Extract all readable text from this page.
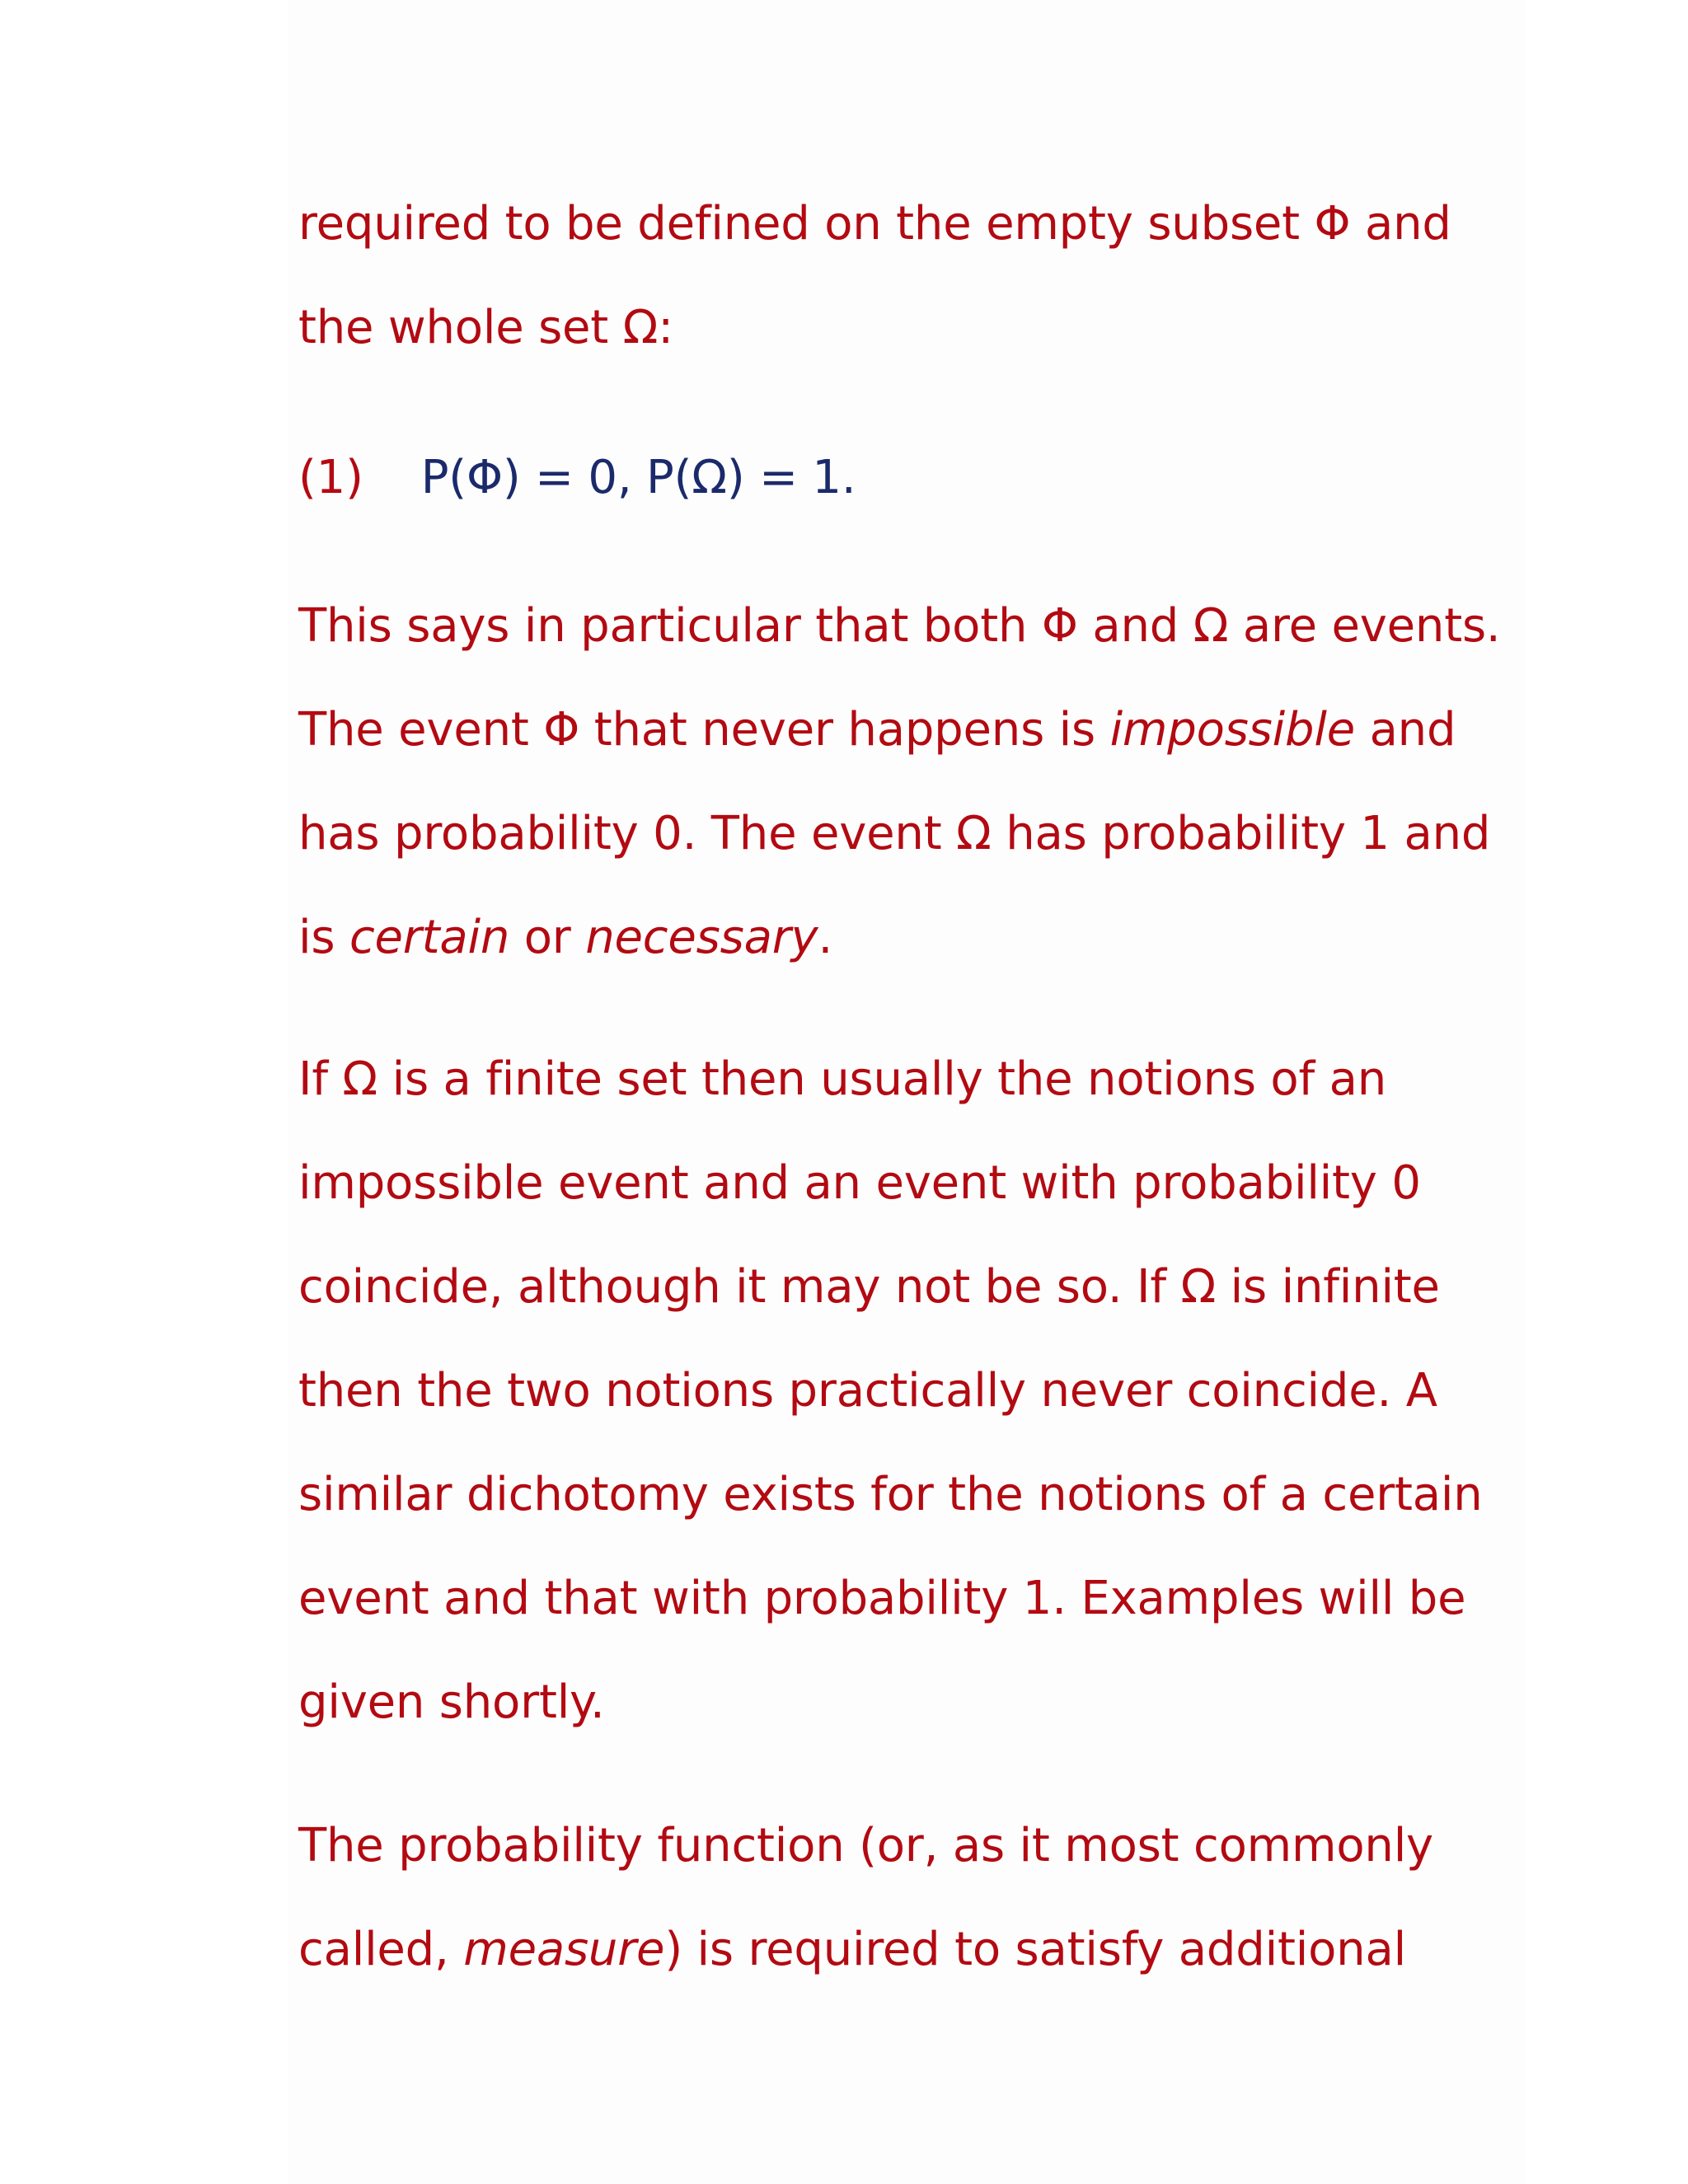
required to be defined on the empty subset Φ and
the whole set Ω:
(1) P(Φ) = 0, P(Ω) = 1.
This says in particular that both Φ and Ω are events.
The event Φ that never happens is impossible and
has probability 0. The event Ω has probability 1 and
is certain or necessary.
If Ω is a finite set then usually the notions of an
impossible event and an event with probability 0
coincide, although it may not be so. If Ω is infinite
then the two notions practically never coincide. A
similar dichotomy exists for the notions of a certain
event and that with probability 1. Examples will be
given shortly.
The probability function (or, as it most commonly
called, measure) is required to satisfy additional
